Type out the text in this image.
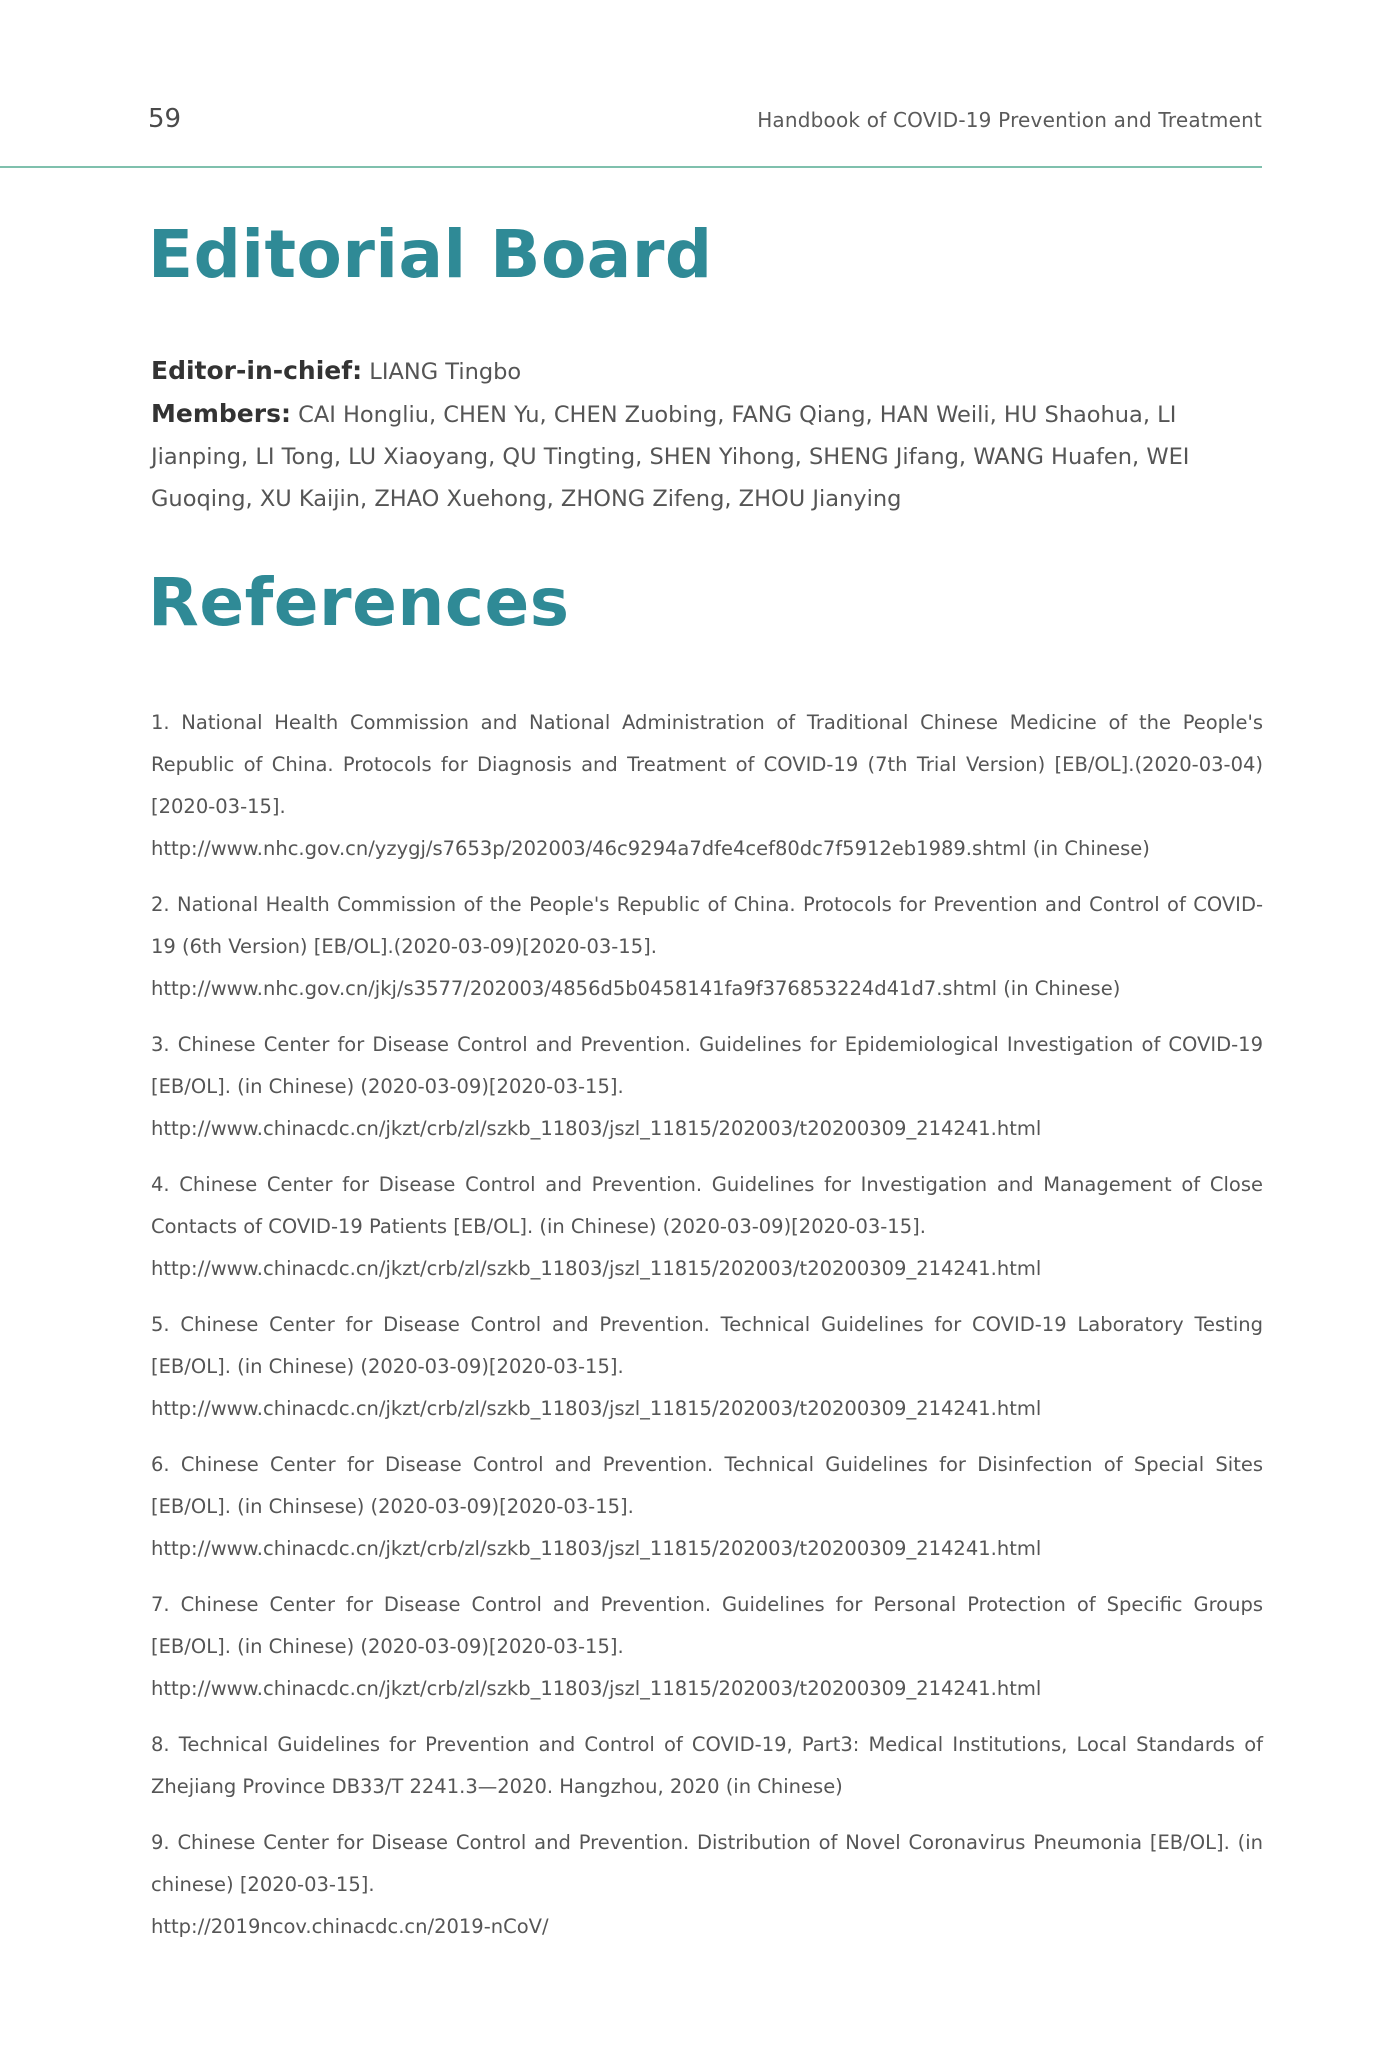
59	Handbook of COVID-19 Prevention and Treatment
Editorial Board

Editor-in-chief: LIANG Tingbo

Members: CAI Hongliu, CHEN Yu, CHEN Zuobing, FANG Qiang, HAN Weili, HU Shaohua, LI Jianping, LI Tong, LU Xiaoyang, QU Tingting, SHEN Yihong, SHENG Jifang, WANG Huafen, WEI Guoqing, XU Kaijin, ZHAO Xuehong, ZHONG Zifeng, ZHOU Jianying

References

1. National Health Commission and National Administration of Traditional Chinese Medicine of the People's Republic of China. Protocols for Diagnosis and Treatment of COVID-19 (7th Trial Version) [EB/OL].(2020-03-04) [2020-03-15].

http://www.nhc.gov.cn/yzygj/s7653p/202003/46c9294a7dfe4cef80dc7f5912eb1989.shtml (in Chinese)

2. National Health Commission of the People's Republic of China. Protocols for Prevention and Control of COVID-19 (6th Version) [EB/OL].(2020-03-09)[2020-03-15].

http://www.nhc.gov.cn/jkj/s3577/202003/4856d5b0458141fa9f376853224d41d7.shtml (in Chinese)

3. Chinese Center for Disease Control and Prevention. Guidelines for Epidemiological Investigation of COVID-19 [EB/OL]. (in Chinese) (2020-03-09)[2020-03-15].

http://www.chinacdc.cn/jkzt/crb/zl/szkb_11803/jszl_11815/202003/t20200309_214241.html

4. Chinese Center for Disease Control and Prevention. Guidelines for Investigation and Management of Close Contacts of COVID-19 Patients [EB/OL]. (in Chinese) (2020-03-09)[2020-03-15].

http://www.chinacdc.cn/jkzt/crb/zl/szkb_11803/jszl_11815/202003/t20200309_214241.html

5. Chinese Center for Disease Control and Prevention. Technical Guidelines for COVID-19 Laboratory Testing [EB/OL]. (in Chinese) (2020-03-09)[2020-03-15].

http://www.chinacdc.cn/jkzt/crb/zl/szkb_11803/jszl_11815/202003/t20200309_214241.html

6. Chinese Center for Disease Control and Prevention. Technical Guidelines for Disinfection of Special Sites [EB/OL]. (in Chinsese) (2020-03-09)[2020-03-15].

http://www.chinacdc.cn/jkzt/crb/zl/szkb_11803/jszl_11815/202003/t20200309_214241.html

7. Chinese Center for Disease Control and Prevention. Guidelines for Personal Protection of Specific Groups [EB/OL]. (in Chinese) (2020-03-09)[2020-03-15].

http://www.chinacdc.cn/jkzt/crb/zl/szkb_11803/jszl_11815/202003/t20200309_214241.html

8. Technical Guidelines for Prevention and Control of COVID-19, Part3: Medical Institutions, Local Standards of Zhejiang Province DB33/T 2241.3—2020. Hangzhou, 2020 (in Chinese)

9. Chinese Center for Disease Control and Prevention. Distribution of Novel Coronavirus Pneumonia [EB/OL]. (in chinese) [2020-03-15].

http://2019ncov.chinacdc.cn/2019-nCoV/
